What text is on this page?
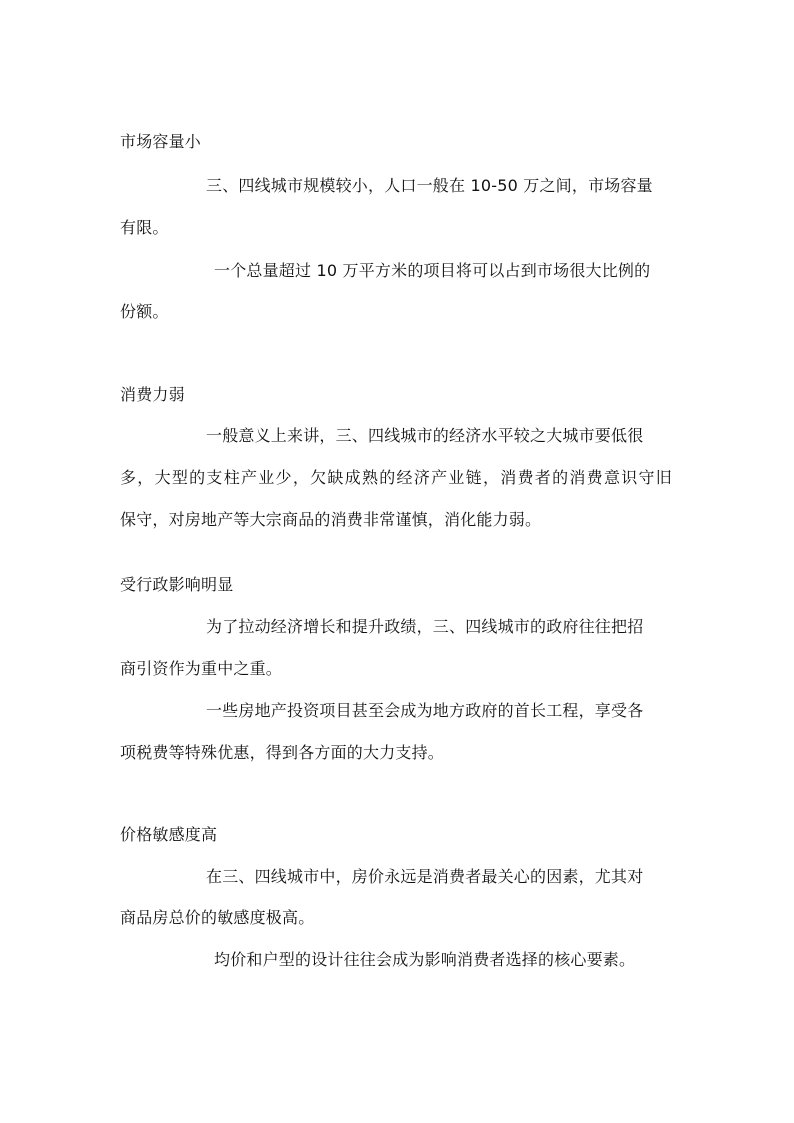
市场容量小
三、四线城市规模较小，人口一般在 10-50 万之间，市场容量
有限。
一个总量超过 10 万平方米的项目将可以占到市场很大比例的
份额。
消费力弱
一般意义上来讲，三、四线城市的经济水平较之大城市要低很
多，大型的支柱产业少，欠缺成熟的经济产业链，消费者的消费意识守旧
保守，对房地产等大宗商品的消费非常谨慎，消化能力弱。
受行政影响明显
为了拉动经济增长和提升政绩，三、四线城市的政府往往把招
商引资作为重中之重。
一些房地产投资项目甚至会成为地方政府的首长工程，享受各
项税费等特殊优惠，得到各方面的大力支持。
价格敏感度高
在三、四线城市中，房价永远是消费者最关心的因素，尤其对
商品房总价的敏感度极高。
均价和户型的设计往往会成为影响消费者选择的核心要素。
